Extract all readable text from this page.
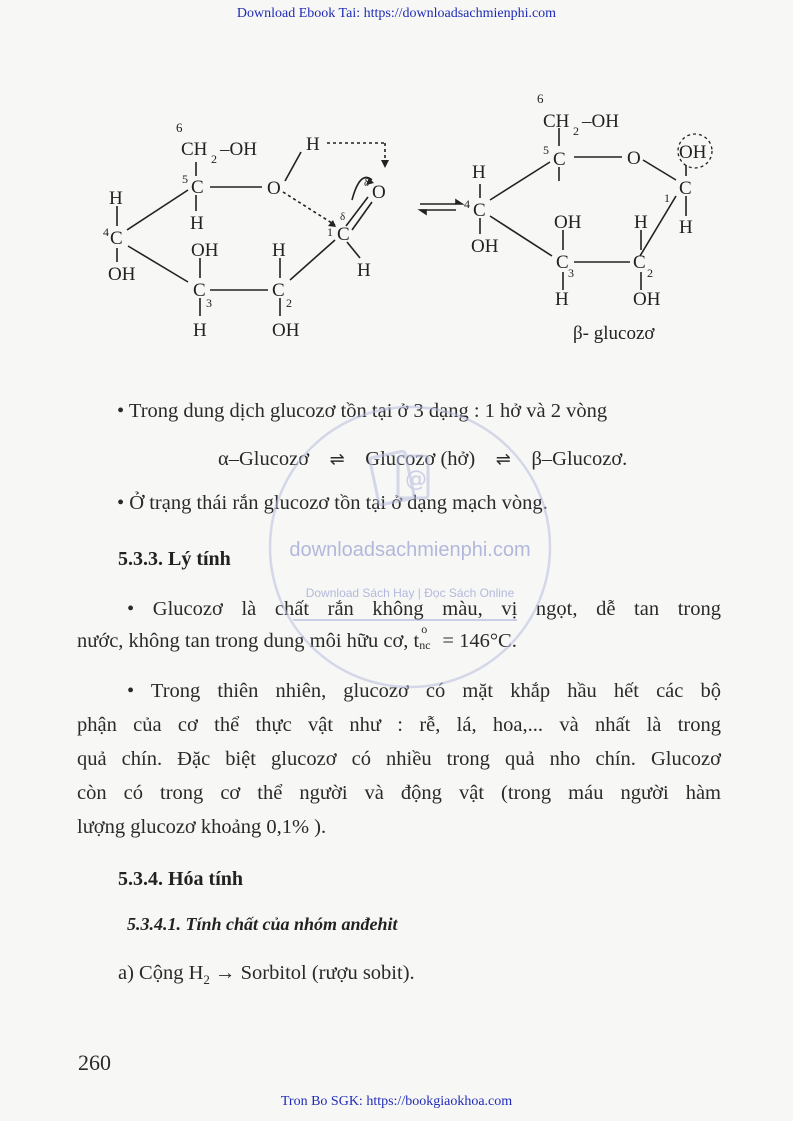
Download Ebook Tai: https://downloadsachmienphi.com
6
CH 2 –OH
5 C	O
H
H
4 C
H
OH
OH	H
C
3
C
2
H	OH
1 C
δ
δ O
H
6
CH 2 –OH
5 C	O OH
C
1
H
H
4 C
OH
OH	H
C 3	C 2
H	OH
β- glucozơ
• Trong dung dịch glucozơ tồn tại ở 3 dạng : 1 hở và 2 vòng
α–Glucozơ ⇌ Glucozơ (hở) ⇌ β–Glucozơ.
• Ở trạng thái rắn glucozơ tồn tại ở dạng mạch vòng.
5.3.3. Lý tính
• Glucozơ là chất rắn không màu, vị ngọt, dễ tan trong
nước, không tan trong dung môi hữu cơ, t
o
nc = 146°C.
• Trong thiên nhiên, glucozơ có mặt khắp hầu hết các bộ
phận của cơ thể thực vật như : rễ, lá, hoa,... và nhất là trong
quả chín. Đặc biệt glucozơ có nhiều trong quả nho chín. Glucozơ
còn có trong cơ thể người và động vật (trong máu người hàm
lượng glucozơ khoảng 0,1% ).
5.3.4. Hóa tính
5.3.4.1. Tính chất của nhóm anđehit
a) Cộng $H_2$ → Sorbitol (rượu sobit).
260
@
downloadsachmienphi.com
Download Sách Hay | Đọc Sách Online
Tron Bo SGK: https://bookgiaokhoa.com
